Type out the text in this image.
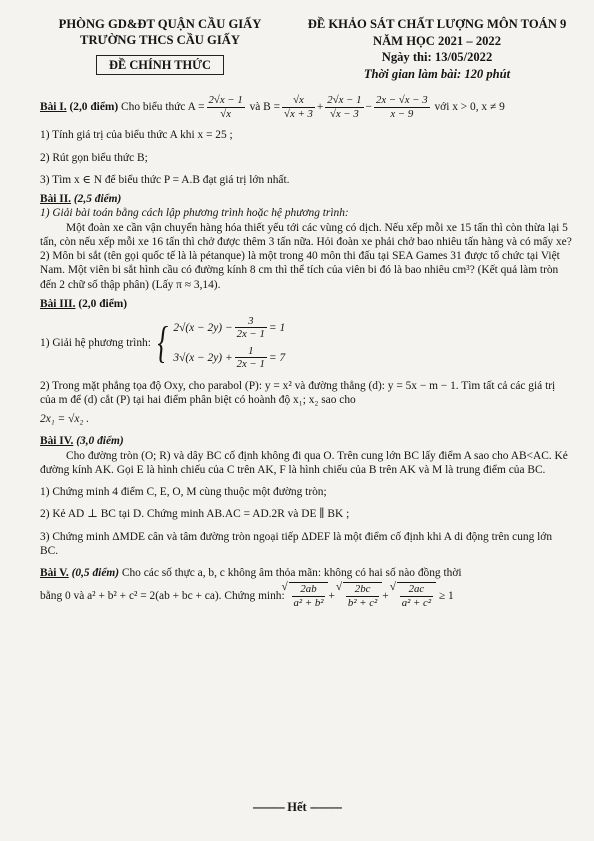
PHÒNG GD&ĐT QUẬN CẦU GIẤY
TRƯỜNG THCS CẦU GIẤY
ĐỀ CHÍNH THỨC
ĐỀ KHẢO SÁT CHẤT LƯỢNG MÔN TOÁN 9
NĂM HỌC 2021 – 2022
Ngày thi: 13/05/2022
Thời gian làm bài: 120 phút
Bài I.
(2,0 điểm)
Cho biểu thức $A = \frac{2√x - 1}{√x}$
và $B = \frac{√x}{√x + 3} + \frac{2√x - 1}{√x - 3} - \frac{2x - √x - 3}{x - 9}$
với x > 0, x ≠ 9

1) Tính giá trị của biểu thức A khi x = 25 ;

2) Rút gọn biểu thức B;

3) Tìm x ∈ N để biểu thức P = A.B đạt giá trị lớn nhất.

Bài II. (2,5 điểm)

1) Giải bài toán bằng cách lập phương trình hoặc hệ phương trình:

Một đoàn xe cần vận chuyển hàng hóa thiết yếu tới các vùng có dịch. Nếu xếp mỗi xe 15 tấn thì còn thừa lại 5 tấn, còn nếu xếp mỗi xe 16 tấn thì chở được thêm 3 tấn nữa. Hỏi đoàn xe phải chở bao nhiêu tấn hàng và có mấy xe?

2) Môn bi sắt (tên gọi quốc tế là là pétanque) là một trong 40 môn thi đấu tại SEA Games 31 được tổ chức tại Việt Nam. Một viên bi sắt hình cầu có đường kính 8 cm thì thể tích của viên bi đó là bao nhiêu cm³? (Kết quả làm tròn đến 2 chữ số thập phân) (Lấy π ≈ 3,14).

Bài III. (2,0 điểm)

1) Giải hệ phương trình:
{ $2√(x - 2y) - \frac{3}{2x - 1} = 1$
$3√(x - 2y) + \frac{1}{2x - 1} = 7$

2) Trong mặt phẳng tọa độ Oxy, cho parabol (P): y = x² và đường thẳng (d): y = 5x − m − 1. Tìm tất cả các giá trị của m để (d) cắt (P) tại hai điểm phân biệt có hoành độ x₁; x₂ sao cho

2x₁ = √x₂ .

Bài IV. (3,0 điểm)

Cho đường tròn (O; R) và dây BC cố định không đi qua O. Trên cung lớn BC lấy điểm A sao cho AB<AC. Kẻ đường kính AK. Gọi E là hình chiếu của C trên AK, F là hình chiếu của B trên AK và M là trung điểm của BC.

1) Chứng minh 4 điểm C, E, O, M cùng thuộc một đường tròn;

2) Kẻ AD ⊥ BC tại D. Chứng minh AB.AC = AD.2R và DE ∥ BK ;

3) Chứng minh ΔMDE cân và tâm đường tròn ngoại tiếp ΔDEF là một điểm cố định khi A di động trên cung lớn BC.

Bài V. (0,5 điểm) Cho các số thực a, b, c không âm thỏa mãn: không có hai số nào đồng thời

bằng 0 và a² + b² + c² = 2(ab + bc + ca). Chứng minh:
√ $\frac{2ab}{\text{a² + b²}}$ + √ $\frac{2bc}{\text{b² + c²}}$ + √ $\frac{2ac}{\text{a² + c²}}$
≥ 1
---------- Hết ----------
